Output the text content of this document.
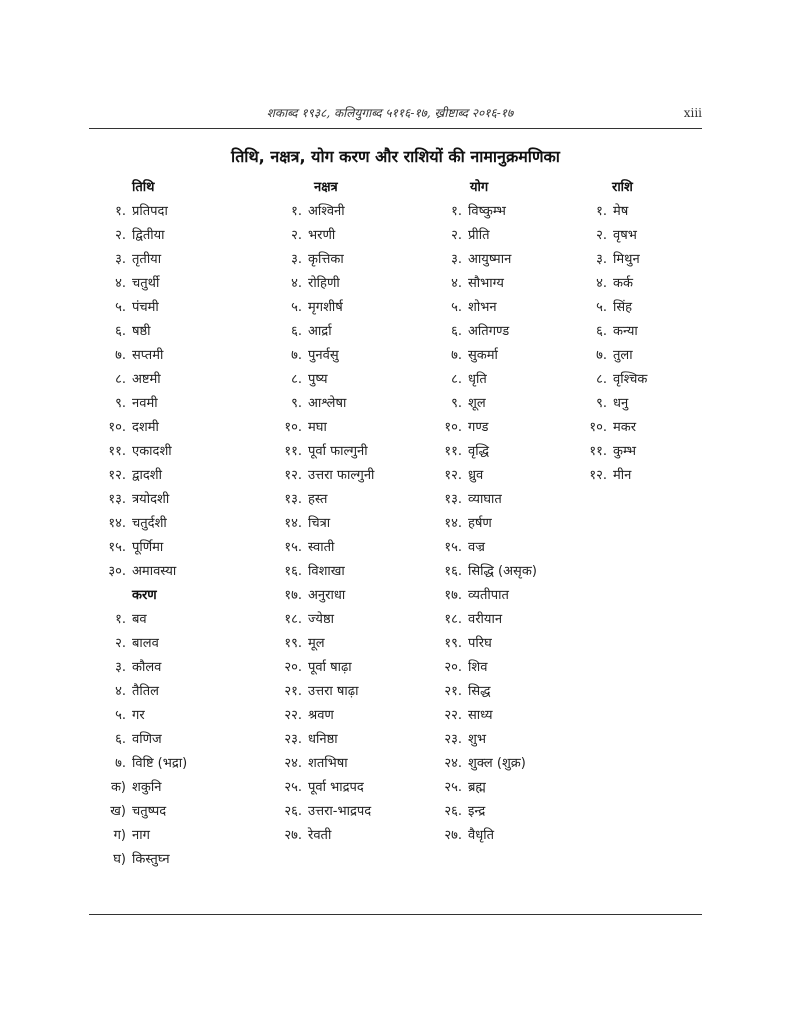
शकाब्द १९३८, कलियुगाब्द ५११६-१७, ख्रीष्टाब्द २०१६-१७	xiii
तिथि, नक्षत्र, योग करण और राशियों की नामानुक्रमणिका
तिथि
१. प्रतिपदा
२. द्वितीया
३. तृतीया
४. चतुर्थी
५. पंचमी
६. षष्ठी
७. सप्तमी
८. अष्टमी
९. नवमी
१०. दशमी
११. एकादशी
१२. द्वादशी
१३. त्रयोदशी
१४. चतुर्दशी
१५. पूर्णिमा
३०. अमावस्या
करण
१. बव
२. बालव
३. कौलव
४. तैतिल
५. गर
६. वणिज
७. विष्टि (भद्रा)
क) शकुनि
ख) चतुष्पद
ग) नाग
घ) किस्तुघ्न
नक्षत्र
१. अश्विनी
२. भरणी
३. कृत्तिका
४. रोहिणी
५. मृगशीर्ष
६. आर्द्रा
७. पुनर्वसु
८. पुष्य
९. आश्लेषा
१०. मघा
११. पूर्वा फाल्गुनी
१२. उत्तरा फाल्गुनी
१३. हस्त
१४. चित्रा
१५. स्वाती
१६. विशाखा
१७. अनुराधा
१८. ज्येष्ठा
१९. मूल
२०. पूर्वा षाढ़ा
२१. उत्तरा षाढ़ा
२२. श्रवण
२३. धनिष्ठा
२४. शतभिषा
२५. पूर्वा भाद्रपद
२६. उत्तरा-भाद्रपद
२७. रेवती
योग
१. विष्कुम्भ
२. प्रीति
३. आयुष्मान
४. सौभाग्य
५. शोभन
६. अतिगण्ड
७. सुकर्मा
८. धृति
९. शूल
१०. गण्ड
११. वृद्धि
१२. ध्रुव
१३. व्याघात
१४. हर्षण
१५. वज्र
१६. सिद्धि (असृक)
१७. व्यतीपात
१८. वरीयान
१९. परिघ
२०. शिव
२१. सिद्ध
२२. साध्य
२३. शुभ
२४. शुक्ल (शुक्र)
२५. ब्रह्म
२६. इन्द्र
२७. वैधृति
राशि
१. मेष
२. वृषभ
३. मिथुन
४. कर्क
५. सिंह
६. कन्या
७. तुला
८. वृश्चिक
९. धनु
१०. मकर
११. कुम्भ
१२. मीन
